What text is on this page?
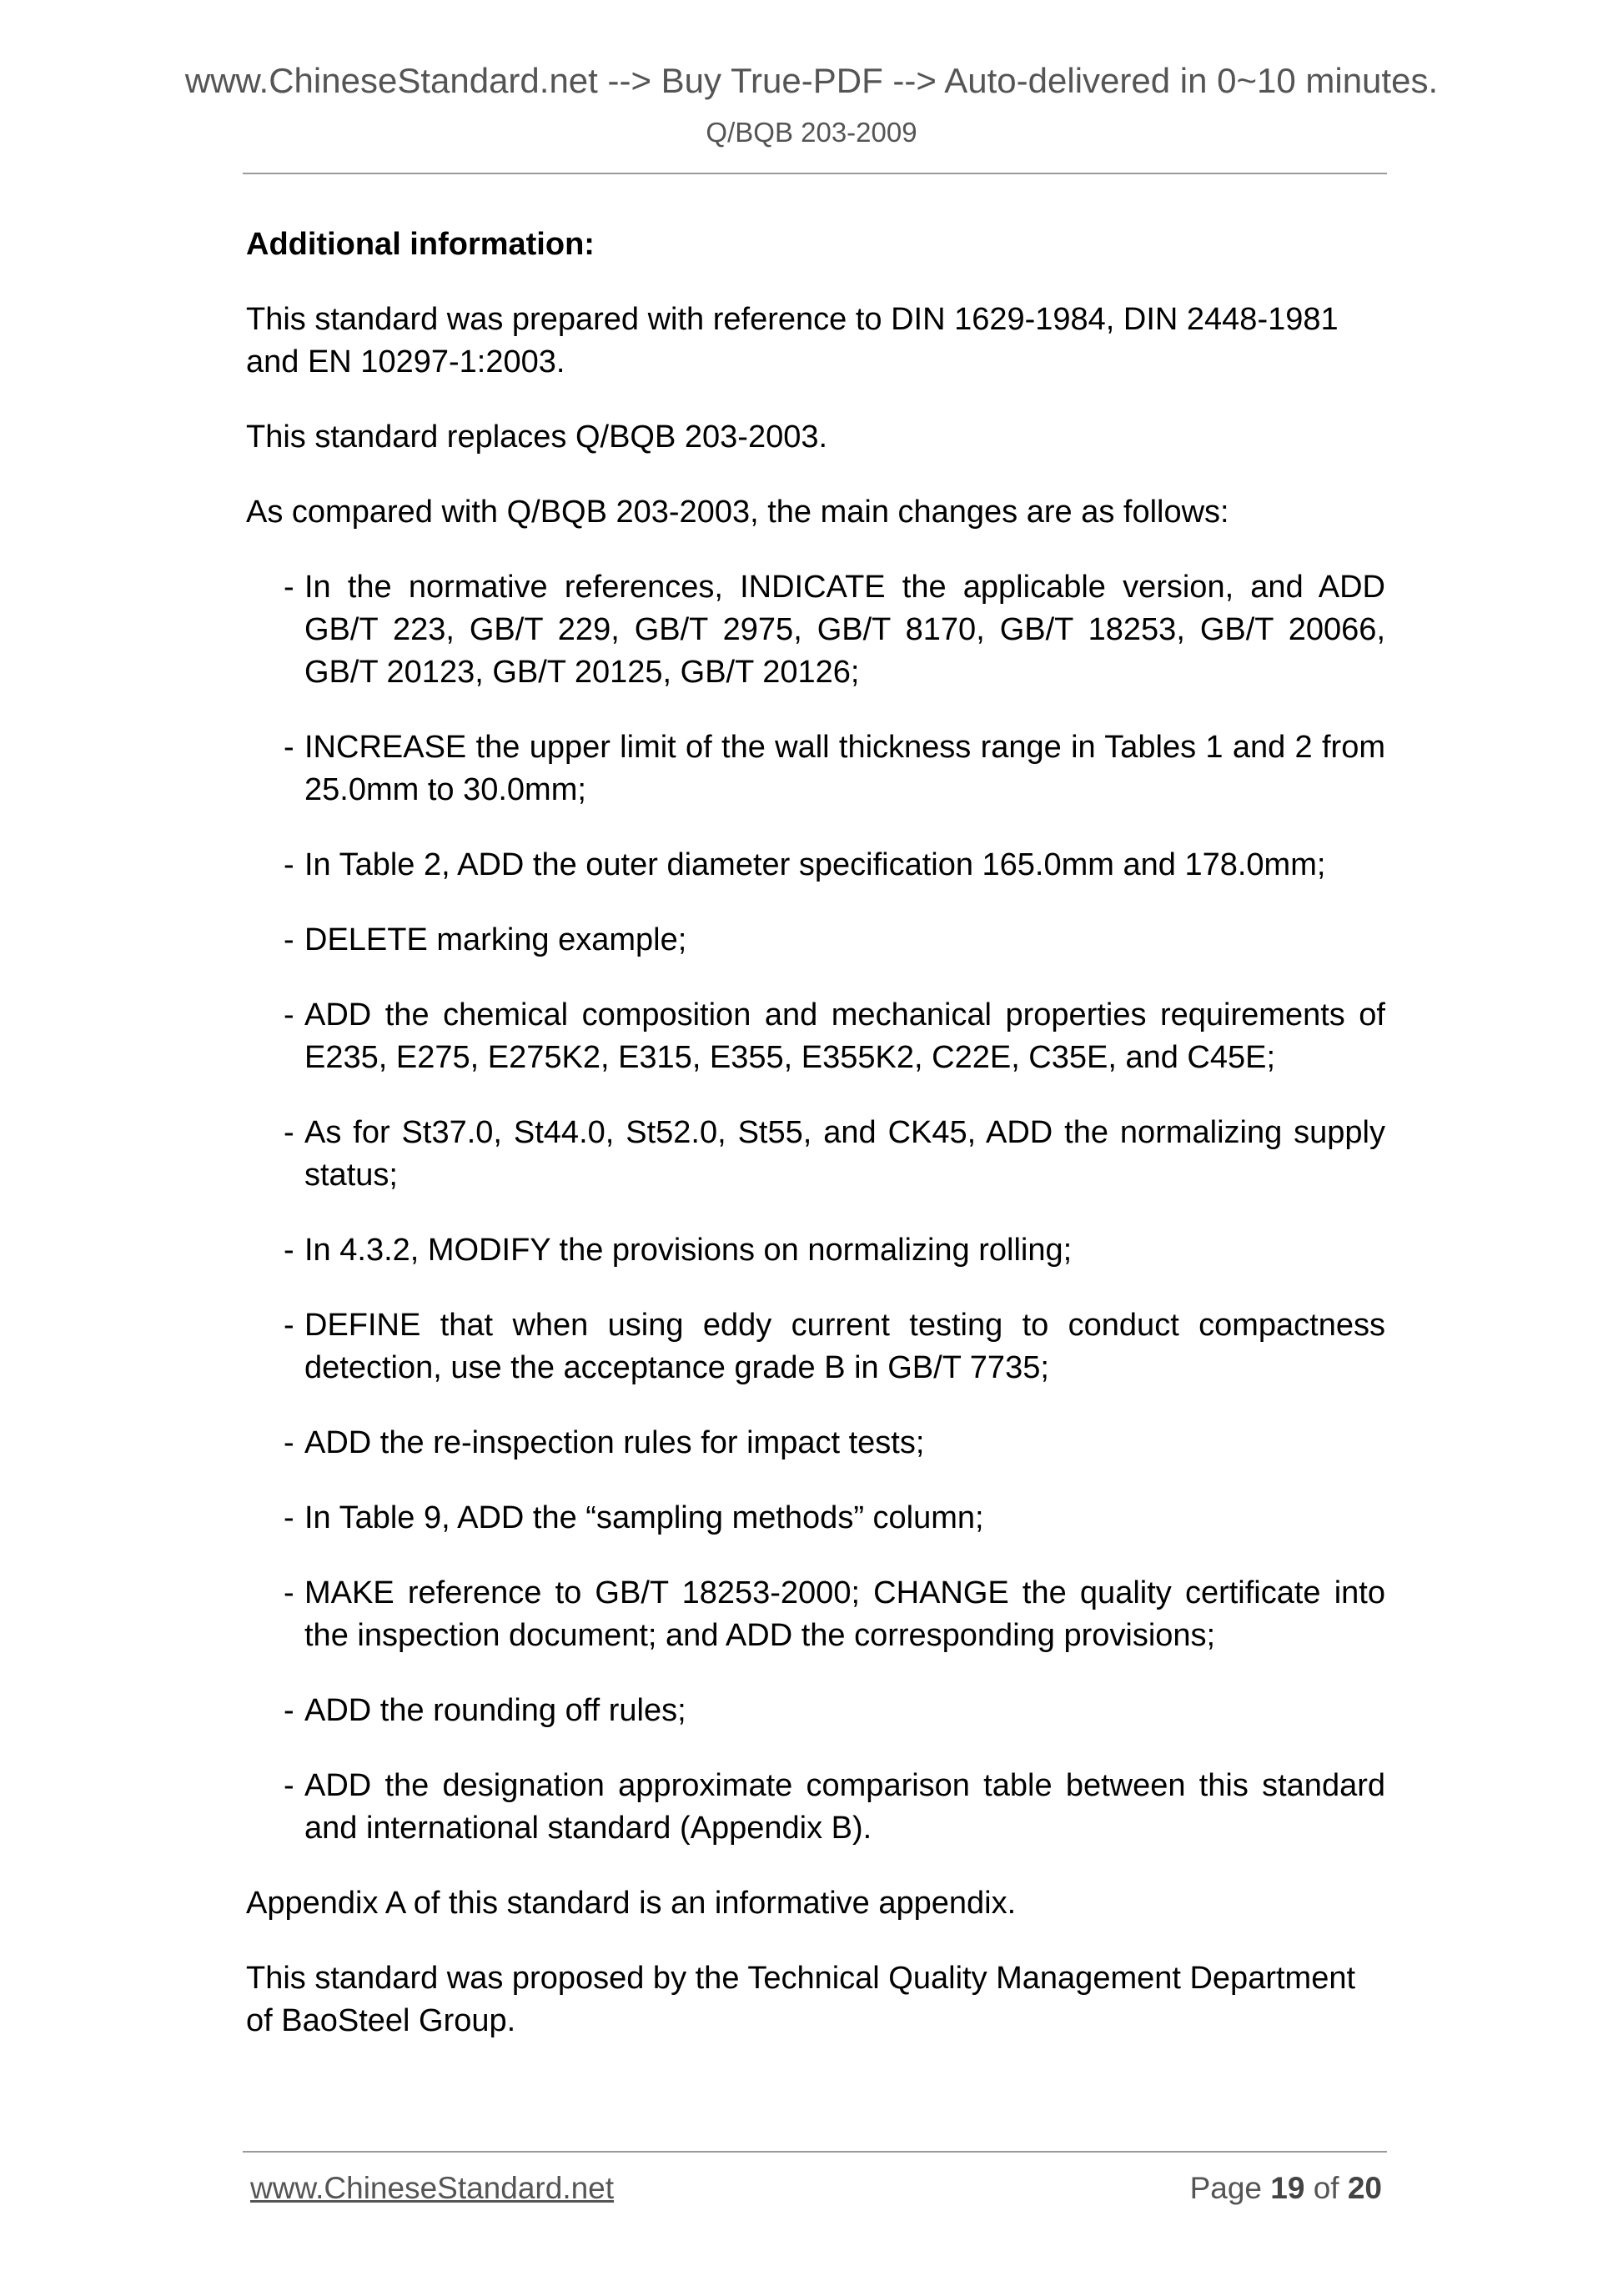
www.ChineseStandard.net --> Buy True-PDF --> Auto-delivered in 0~10 minutes.
Q/BQB 203-2009

Additional information:

This standard was prepared with reference to DIN 1629-1984, DIN 2448-1981 and EN 10297-1:2003.

This standard replaces Q/BQB 203-2003.

As compared with Q/BQB 203-2003, the main changes are as follows:

- In the normative references, INDICATE the applicable version, and ADD GB/T 223, GB/T 229, GB/T 2975, GB/T 8170, GB/T 18253, GB/T 20066, GB/T 20123, GB/T 20125, GB/T 20126;
- INCREASE the upper limit of the wall thickness range in Tables 1 and 2 from 25.0mm to 30.0mm;
- In Table 2, ADD the outer diameter specification 165.0mm and 178.0mm;
- DELETE marking example;
- ADD the chemical composition and mechanical properties requirements of E235, E275, E275K2, E315, E355, E355K2, C22E, C35E, and C45E;
- As for St37.0, St44.0, St52.0, St55, and CK45, ADD the normalizing supply status;
- In 4.3.2, MODIFY the provisions on normalizing rolling;
- DEFINE that when using eddy current testing to conduct compactness detection, use the acceptance grade B in GB/T 7735;
- ADD the re-inspection rules for impact tests;
- In Table 9, ADD the “sampling methods” column;
- MAKE reference to GB/T 18253-2000; CHANGE the quality certificate into the inspection document; and ADD the corresponding provisions;
- ADD the rounding off rules;
- ADD the designation approximate comparison table between this standard and international standard (Appendix B).

Appendix A of this standard is an informative appendix.

This standard was proposed by the Technical Quality Management Department of BaoSteel Group.

www.ChineseStandard.net	Page 19 of 20
